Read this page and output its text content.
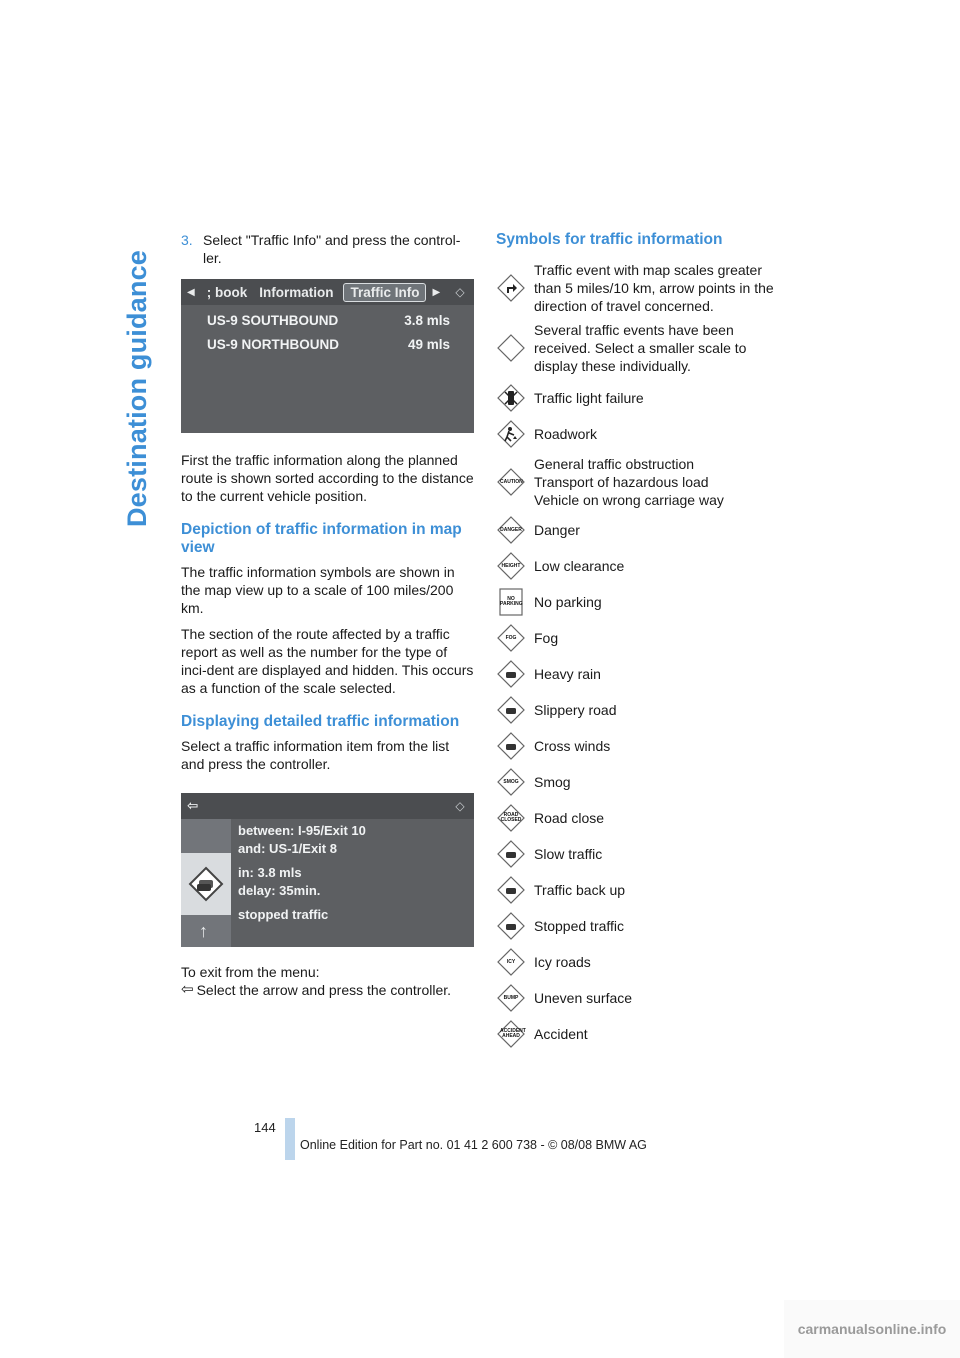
Destination guidance
3. Select "Traffic Info" and press the control-ler.
◀ ; book Information	Traffic Info	▶	◇
US-9 SOUTHBOUND	3.8 mls
US-9 NORTHBOUND	49 mls

First the traffic information along the planned route is shown sorted according to the distance to the current vehicle position.

Depiction of traffic information in map view

The traffic information symbols are shown in the map view up to a scale of 100 miles/200 km.

The section of the route affected by a traffic report as well as the number for the type of inci-dent are displayed and hidden. This occurs as a function of the scale selected.

Displaying detailed traffic information

Select a traffic information item from the list and press the controller.

⇦	◇
↑
between: I-95/Exit 10
and: US-1/Exit 8
in: 3.8 mls
delay: 35min.
stopped traffic

To exit from the menu:

⇦ Select the arrow and press the controller.
Symbols for traffic information
Traffic event with map scales greater than 5 miles/10 km, arrow points in the direction of travel concerned.
Several traffic events have been received. Select a smaller scale to display these individually.
Traffic light failure
Roadwork
CAUTION
General traffic obstruction
Transport of hazardous load
Vehicle on wrong carriage way
DANGER Danger
HEIGHT Low clearance
NO PARKING No parking
FOG	Fog
Heavy rain
Slippery road
Cross winds
SMOG Smog
ROAD CLOSED Road close
Slow traffic
Traffic back up
Stopped traffic
ICY	Icy roads
BUMP Uneven surface
ACCIDENT AHEAD Accident
144
Online Edition for Part no. 01 41 2 600 738 - © 08/08 BMW AG
carmanualsonline.info
